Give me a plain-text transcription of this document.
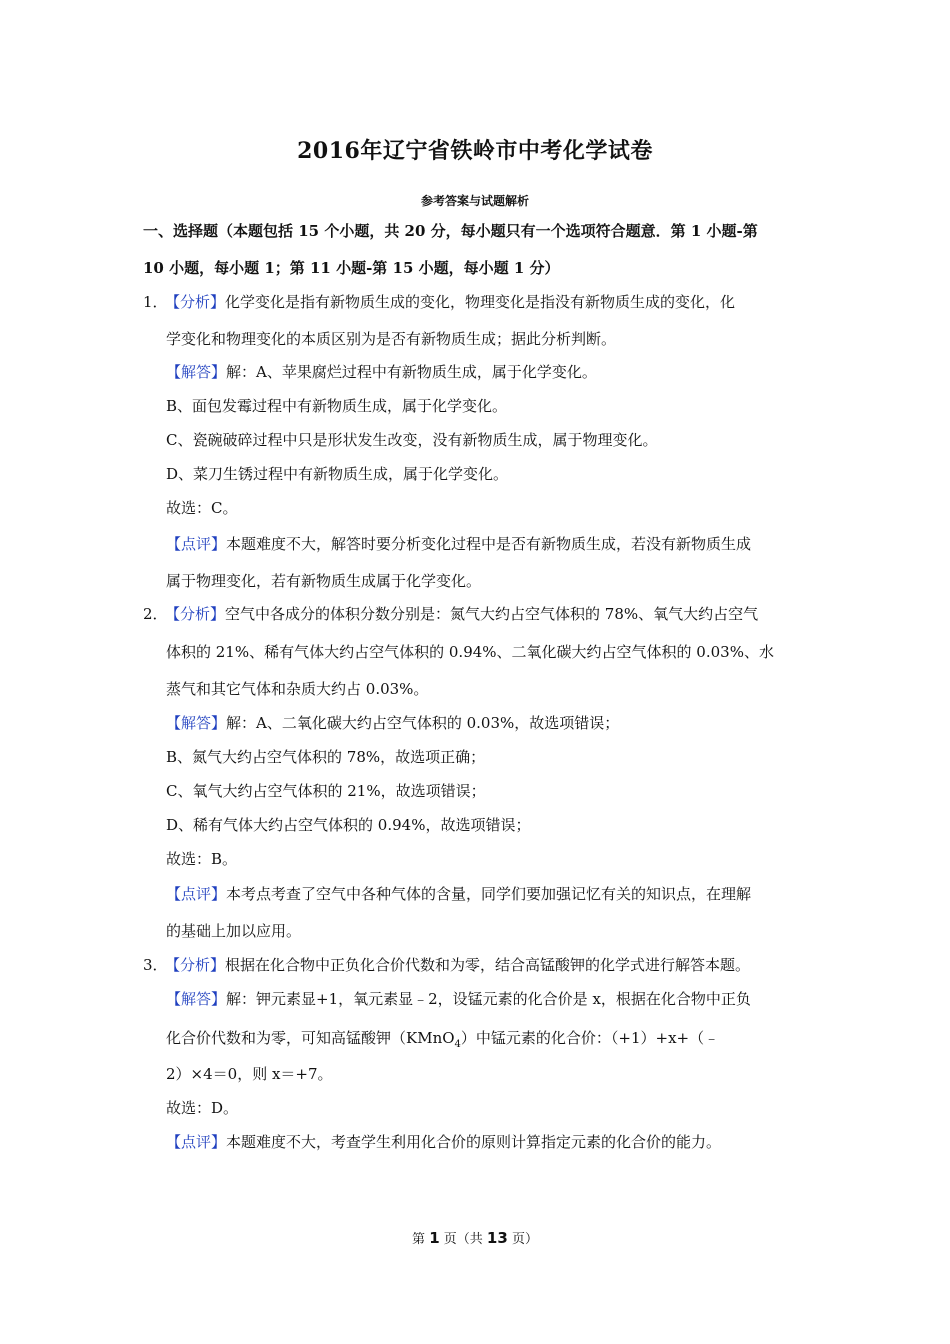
2016年辽宁省铁岭市中考化学试卷
参考答案与试题解析
一、选择题（本题包括 15 个小题，共 20 分，每小题只有一个选项符合题意．第 1 小题-第
10 小题，每小题 1；第 11 小题-第 15 小题，每小题 1 分）
1．【分析】化学变化是指有新物质生成的变化，物理变化是指没有新物质生成的变化，化
学变化和物理变化的本质区别为是否有新物质生成；据此分析判断。
【解答】解：A、苹果腐烂过程中有新物质生成，属于化学变化。
B、面包发霉过程中有新物质生成，属于化学变化。
C、瓷碗破碎过程中只是形状发生改变，没有新物质生成，属于物理变化。
D、菜刀生锈过程中有新物质生成，属于化学变化。
故选：C。
【点评】本题难度不大，解答时要分析变化过程中是否有新物质生成，若没有新物质生成
属于物理变化，若有新物质生成属于化学变化。
2．【分析】空气中各成分的体积分数分别是：氮气大约占空气体积的 78%、氧气大约占空气
体积的 21%、稀有气体大约占空气体积的 0.94%、二氧化碳大约占空气体积的 0.03%、水
蒸气和其它气体和杂质大约占 0.03%。
【解答】解：A、二氧化碳大约占空气体积的 0.03%，故选项错误；
B、氮气大约占空气体积的 78%，故选项正确；
C、氧气大约占空气体积的 21%，故选项错误；
D、稀有气体大约占空气体积的 0.94%，故选项错误；
故选：B。
【点评】本考点考查了空气中各种气体的含量，同学们要加强记忆有关的知识点，在理解
的基础上加以应用。
3．【分析】根据在化合物中正负化合价代数和为零，结合高锰酸钾的化学式进行解答本题。
【解答】解：钾元素显+1，氧元素显﹣2，设锰元素的化合价是 x，根据在化合物中正负
化合价代数和为零，可知高锰酸钾（KMnO$_4$）中锰元素的化合价：（+1）+x+（﹣
2）×4＝0，则 x＝+7。
故选：D。
【点评】本题难度不大，考查学生利用化合价的原则计算指定元素的化合价的能力。
第 1 页（共 13 页）
